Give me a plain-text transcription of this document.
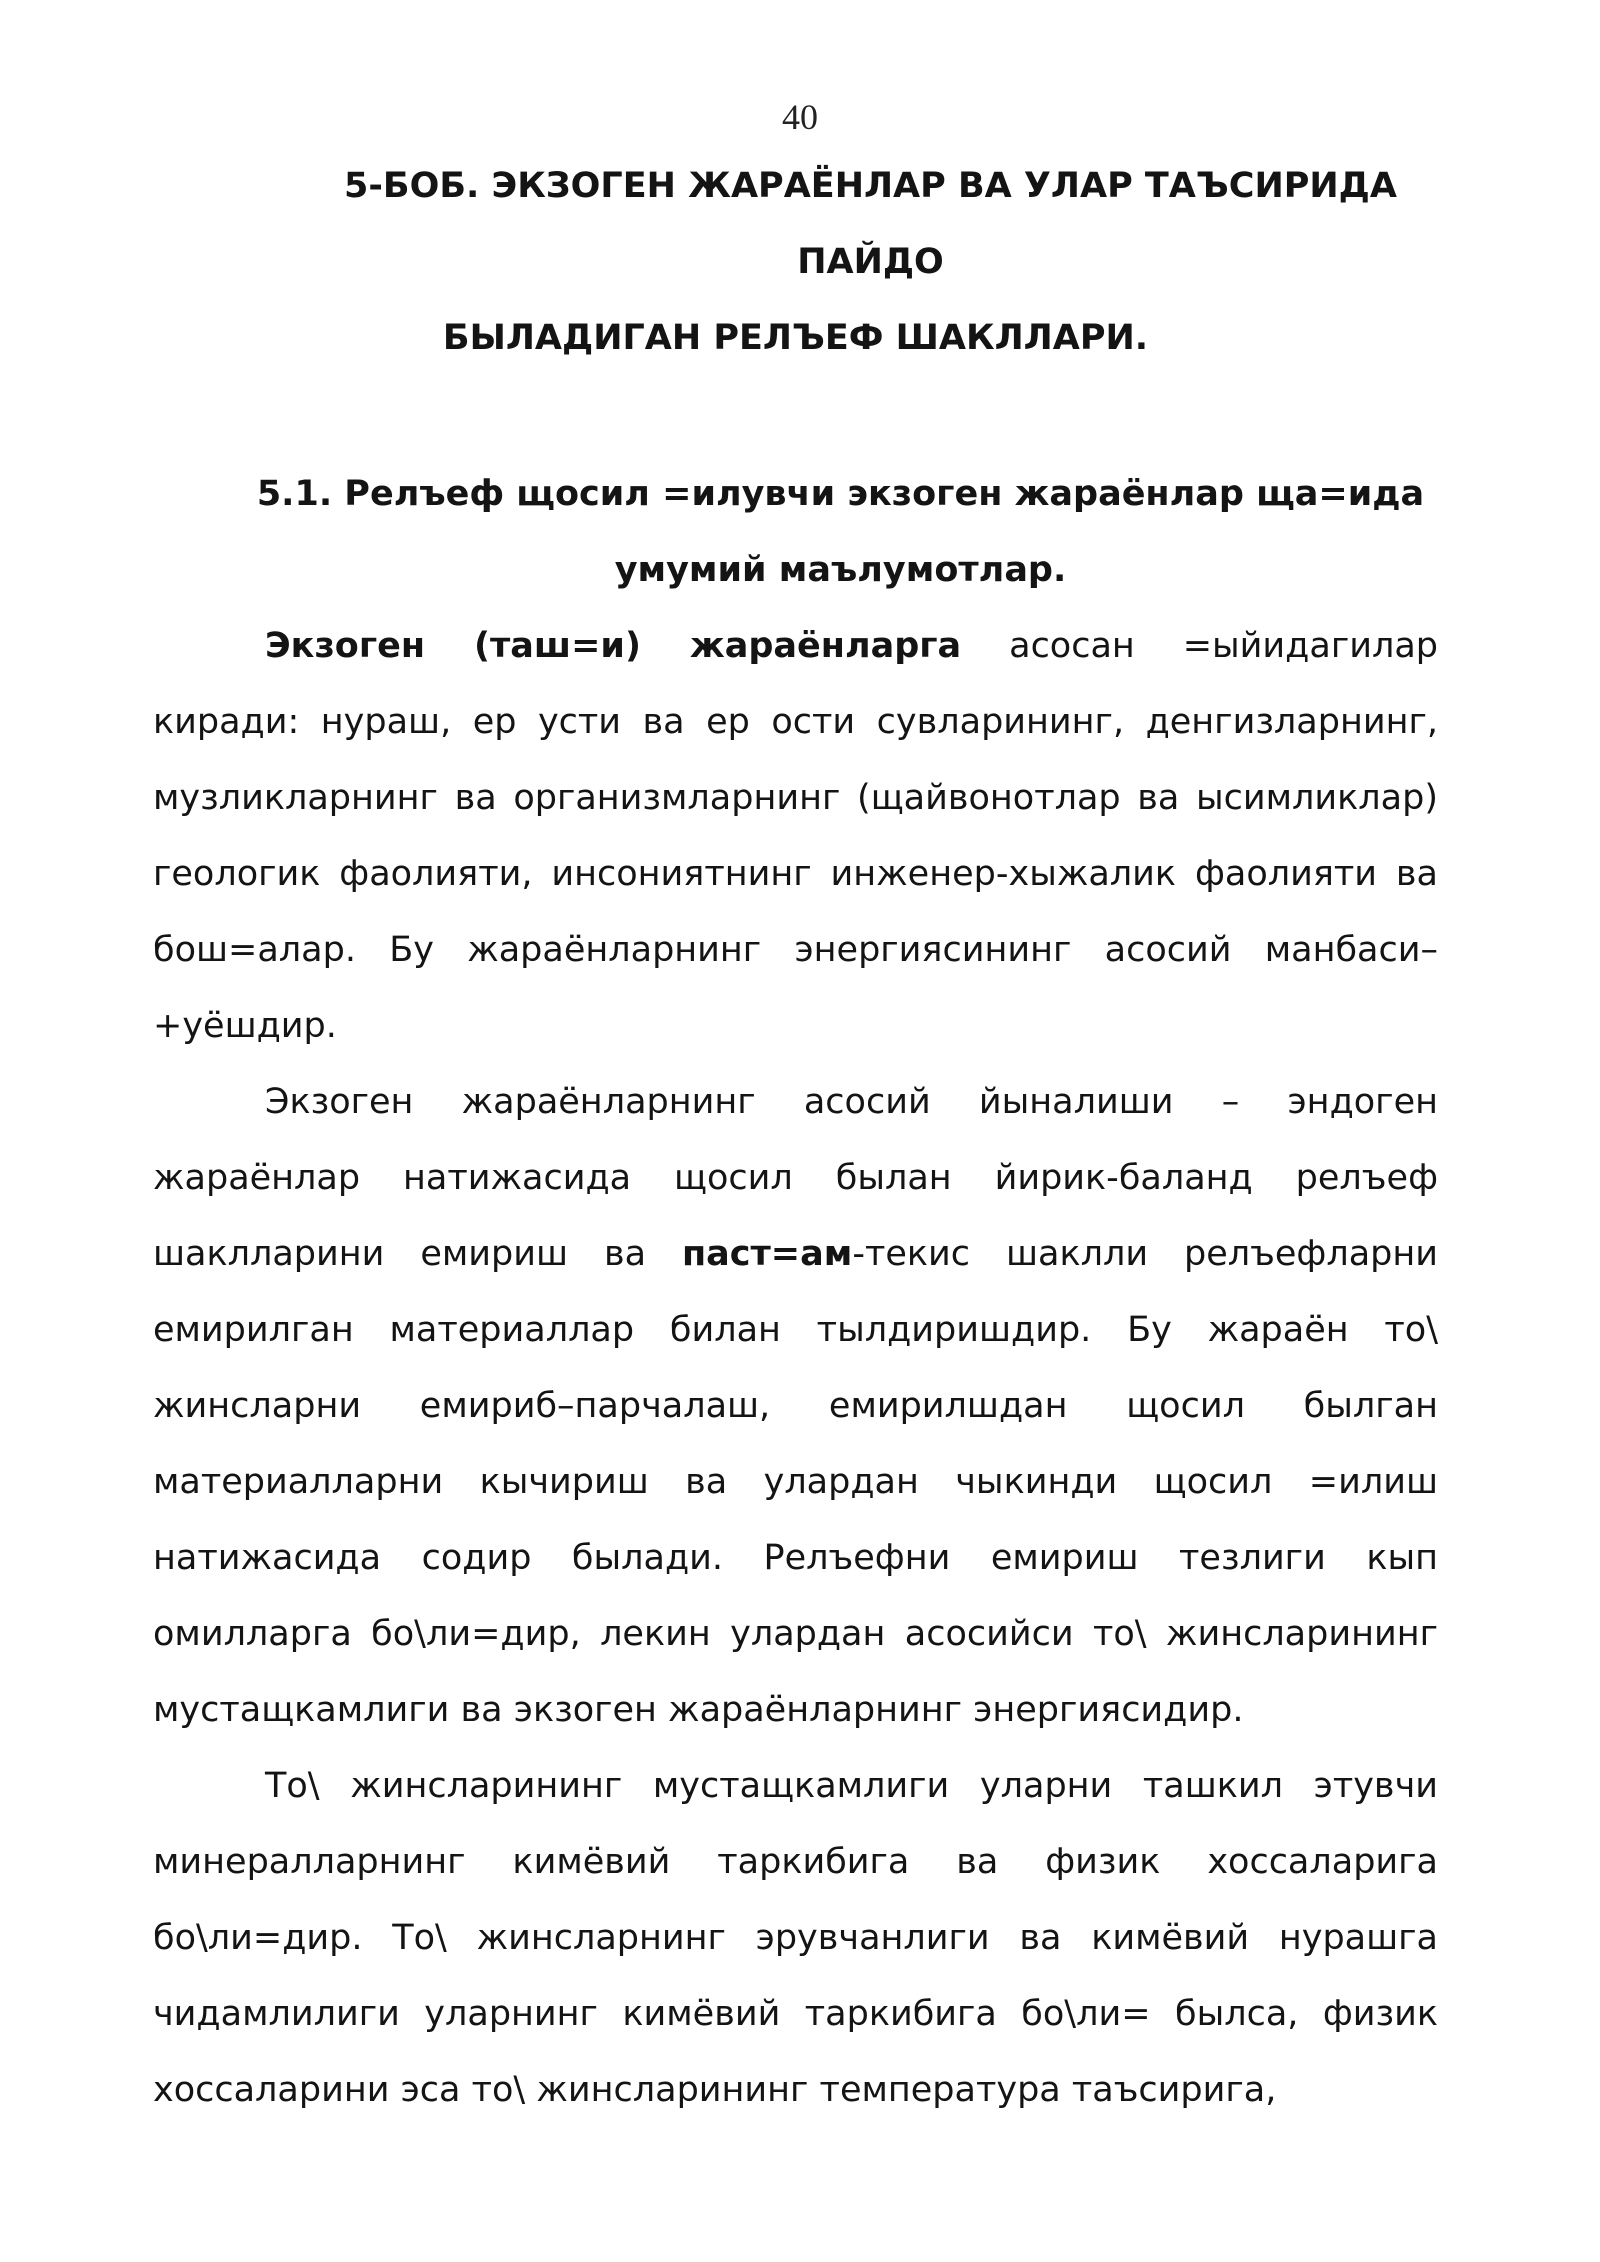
40
5-БОБ. ЭКЗОГЕН ЖАРАЁНЛАР ВА УЛАР ТАЪСИРИДА ПАЙДО
БЫЛАДИГАН РЕЛЪЕФ ШАКЛЛАРИ.
5.1. Релъеф щосил =илувчи экзоген жараёнлар ща=ида
умумий маълумотлар.

Экзоген (таш=и) жараёнларга асосан =ыйидагилар киради: нураш, ер усти ва ер ости сувларининг, денгизларнинг, музликларнинг ва организмларнинг (щайвонотлар ва ысимликлар) геологик фаолияти, инсониятнинг инженер-хыжалик фаолияти ва бош=алар. Бу жараёнларнинг энергиясининг асосий манбаси– +уёшдир.

Экзоген жараёнларнинг асосий йыналиши – эндоген жараёнлар натижасида щосил былан йирик-баланд релъеф шаклларини емириш ва паст=ам-текис шаклли релъефларни емирилган материаллар билан тылдиришдир. Бу жараён то\ жинсларни емириб–парчалаш, емирилшдан щосил былган материалларни кычириш ва улардан чыкинди щосил =илиш натижасида содир былади. Релъефни емириш тезлиги кып омилларга бо\ли=дир, лекин улардан асосийси то\ жинсларининг мустащкамлиги ва экзоген жараёнларнинг энергиясидир.

То\ жинсларининг мустащкамлиги уларни ташкил этувчи минералларнинг кимёвий таркибига ва физик хоссаларига бо\ли=дир. То\ жинсларнинг эрувчанлиги ва кимёвий нурашга чидамлилиги уларнинг кимёвий таркибига бо\ли= былса, физик хоссаларини эса то\ жинсларининг температура таъсирига,
